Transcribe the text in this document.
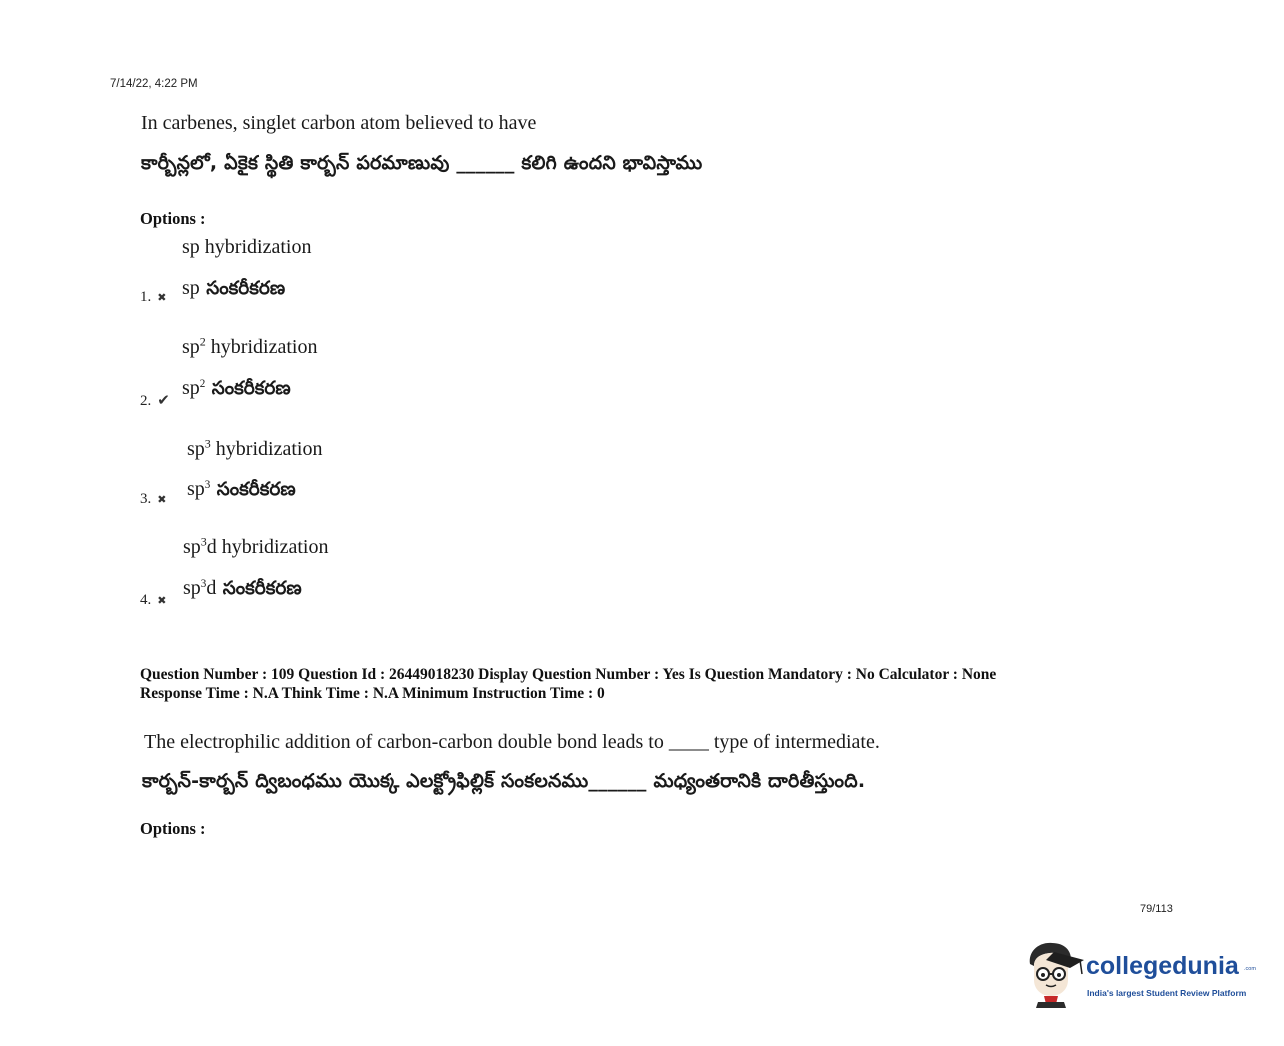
7/14/22, 4:22 PM
In carbenes, singlet carbon atom believed to have
కార్బీన్లలో, ఏకైక స్థితి కార్బన్ పరమాణువు ______ కలిగి ఉందని భావిస్తాము
Options :
sp hybridization
sp సంకరీకరణ
1. ✖
$sp^2$ hybridization
$sp^2$ సంకరీకరణ
2. ✔
$sp^3$ hybridization
$sp^3$ సంకరీకరణ
3. ✖
$sp^3d$ hybridization
$sp^3d$ సంకరీకరణ
4. ✖
Question Number : 109 Question Id : 26449018230 Display Question Number : Yes Is Question Mandatory : No Calculator : None
Response Time : N.A Think Time : N.A Minimum Instruction Time : 0
The electrophilic addition of carbon-carbon double bond leads to ____ type of intermediate.
కార్బన్-కార్బన్ ద్విబంధము యొక్క ఎలక్ట్రోఫిల్లిక్ సంకలనము______ మధ్యంతరానికి దారితీస్తుంది.
Options :
79/113
collegedunia .com
India's largest Student Review Platform
